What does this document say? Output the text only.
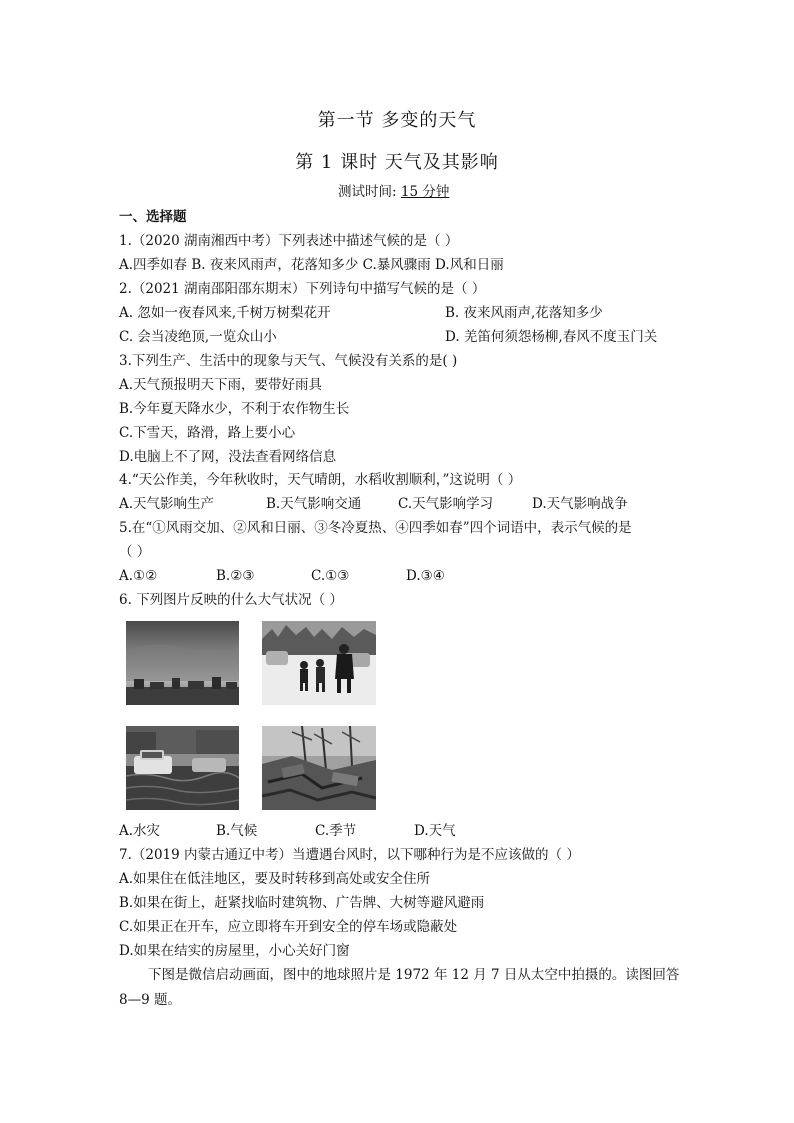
第一节 多变的天气
第 1 课时 天气及其影响
测试时间: 15 分钟
一、选择题
1.（2020 湖南湘西中考）下列表述中描述气候的是（ ）
A.四季如春 B. 夜来风雨声，花落知多少 C.暴风骤雨 D.风和日丽
2.（2021 湖南邵阳邵东期末）下列诗句中描写气候的是（ ）
A. 忽如一夜春风来,千树万树梨花开	B. 夜来风雨声,花落知多少
C. 会当凌绝顶,一览众山小	D. 羌笛何须怨杨柳,春风不度玉门关
3.下列生产、生活中的现象与天气、气候没有关系的是( )
A.天气预报明天下雨，要带好雨具
B.今年夏天降水少，不利于农作物生长
C.下雪天，路滑，路上要小心
D.电脑上不了网，没法查看网络信息
4.“天公作美，今年秋收时，天气晴朗，水稻收割顺利，”这说明（ ）
A.天气影响生产	B.天气影响交通	C.天气影响学习	D.天气影响战争
5.在“①风雨交加、②风和日丽、③冬冷夏热、④四季如春”四个词语中，表示气候的是
（ ）
A.①②	B.②③	C.①③	D.③④
6. 下列图片反映的什么大气状况（ ）
A.水灾	B.气候	C.季节	D.天气
7.（2019 内蒙古通辽中考）当遭遇台风时，以下哪种行为是不应该做的（ ）
A.如果住在低洼地区，要及时转移到高处或安全住所
B.如果在街上，赶紧找临时建筑物、广告牌、大树等避风避雨
C.如果正在开车，应立即将车开到安全的停车场或隐蔽处
D.如果在结实的房屋里，小心关好门窗
下图是微信启动画面，图中的地球照片是 1972 年 12 月 7 日从太空中拍摄的。读图回答
8—9 题。
